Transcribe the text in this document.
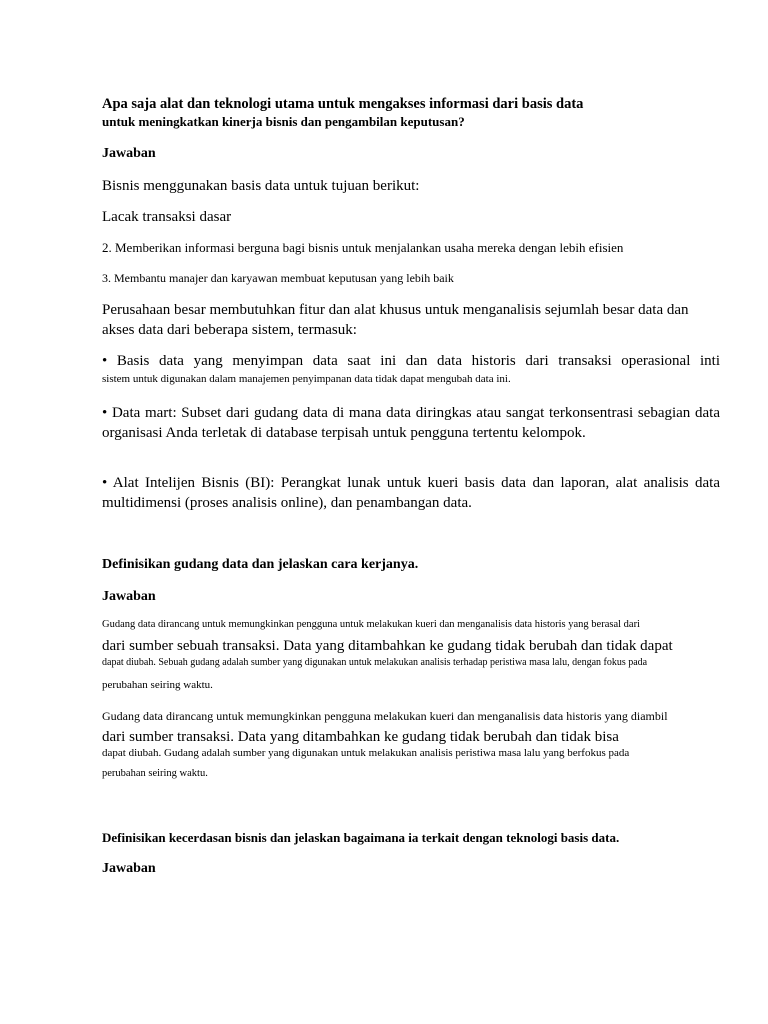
Apa saja alat dan teknologi utama untuk mengakses informasi dari basis data
untuk meningkatkan kinerja bisnis dan pengambilan keputusan?
Jawaban
Bisnis menggunakan basis data untuk tujuan berikut:
Lacak transaksi dasar
2. Memberikan informasi berguna bagi bisnis untuk menjalankan usaha mereka dengan lebih efisien
3. Membantu manajer dan karyawan membuat keputusan yang lebih baik
Perusahaan besar membutuhkan fitur dan alat khusus untuk menganalisis sejumlah besar data dan akses data dari beberapa sistem, termasuk:
• Basis data yang menyimpan data saat ini dan data historis dari transaksi operasional inti
sistem untuk digunakan dalam manajemen penyimpanan data tidak dapat mengubah data ini.
• Data mart: Subset dari gudang data di mana data diringkas atau sangat terkonsentrasi sebagian data organisasi Anda terletak di database terpisah untuk pengguna tertentu kelompok.
• Alat Intelijen Bisnis (BI): Perangkat lunak untuk kueri basis data dan laporan, alat analisis data multidimensi (proses analisis online), dan penambangan data.
Definisikan gudang data dan jelaskan cara kerjanya.
Jawaban
Gudang data dirancang untuk memungkinkan pengguna untuk melakukan kueri dan menganalisis data historis yang berasal dari
dari sumber sebuah transaksi. Data yang ditambahkan ke gudang tidak berubah dan tidak dapat
dapat diubah. Sebuah gudang adalah sumber yang digunakan untuk melakukan analisis terhadap peristiwa masa lalu, dengan fokus pada
perubahan seiring waktu.
Gudang data dirancang untuk memungkinkan pengguna melakukan kueri dan menganalisis data historis yang diambil
dari sumber transaksi. Data yang ditambahkan ke gudang tidak berubah dan tidak bisa
dapat diubah. Gudang adalah sumber yang digunakan untuk melakukan analisis peristiwa masa lalu yang berfokus pada
perubahan seiring waktu.
Definisikan kecerdasan bisnis dan jelaskan bagaimana ia terkait dengan teknologi basis data.
Jawaban
